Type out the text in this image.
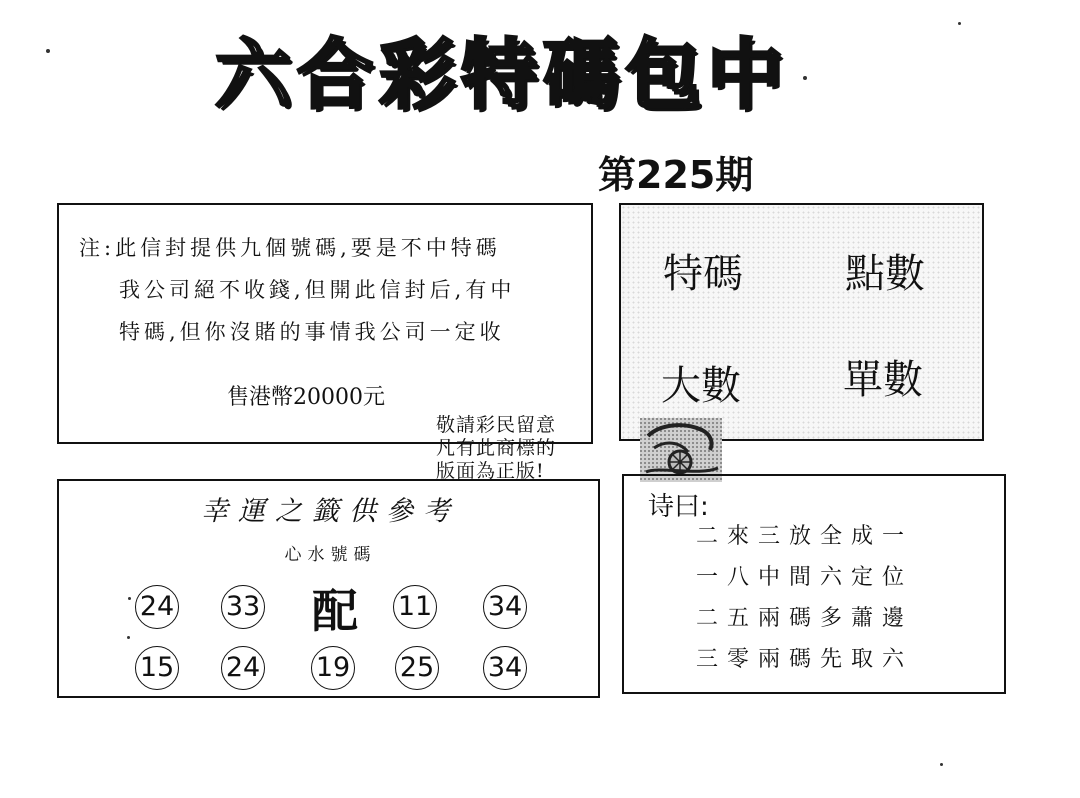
六合彩特碼包中
第225期
注:此信封提供九個號碼,要是不中特碼
我公司絕不收錢,但開此信封后,有中
特碼,但你沒賭的事情我公司一定收
售港幣20000元
特碼	點數
大數	單數
敬請彩民留意
凡有此商標的
版面為正版!
幸運之籤供參考
心水號碼
24 33 配 11 34
15 24 19 25 34
诗曰:
二來三放全成一
一八中間六定位
二五兩碼多蕭邊
三零兩碼先取六
